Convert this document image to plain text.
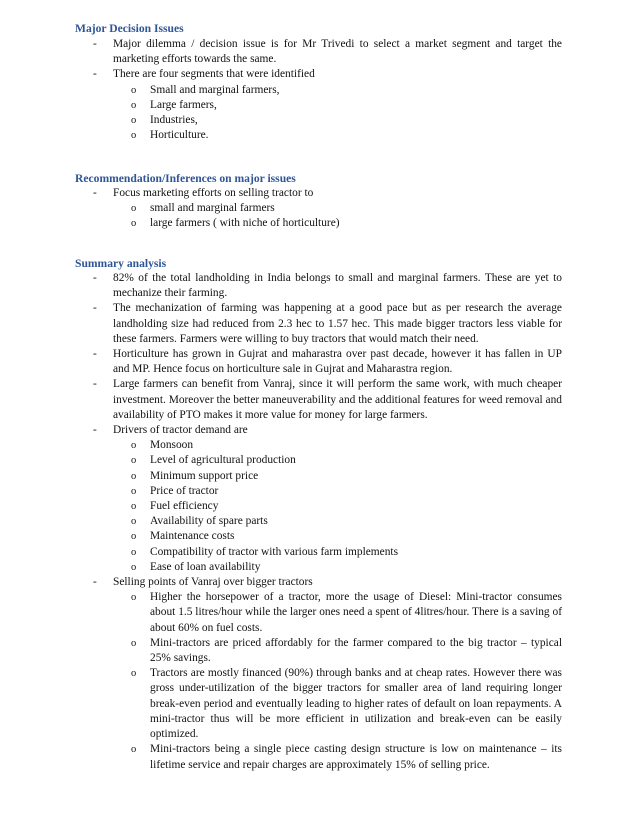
Major Decision Issues
- Major dilemma / decision issue is for Mr Trivedi to select a market segment and target the marketing efforts towards the same.
- There are four segments that were identified
o Small and marginal farmers,
o Large farmers,
o Industries,
o Horticulture.
Recommendation/Inferences on major issues
- Focus marketing efforts on selling tractor to
o small and marginal farmers
o large farmers ( with niche of horticulture)
Summary analysis
- 82% of the total landholding in India belongs to small and marginal farmers. These are yet to mechanize their farming.
- The mechanization of farming was happening at a good pace but as per research the average landholding size had reduced from 2.3 hec to 1.57 hec. This made bigger tractors less viable for these farmers. Farmers were willing to buy tractors that would match their need.
- Horticulture has grown in Gujrat and maharastra over past decade, however it has fallen in UP and MP. Hence focus on horticulture sale in Gujrat and Maharastra region.
- Large farmers can benefit from Vanraj, since it will perform the same work, with much cheaper investment. Moreover the better maneuverability and the additional features for weed removal and availability of PTO makes it more value for money for large farmers.
- Drivers of tractor demand are
o Monsoon
o Level of agricultural production
o Minimum support price
o Price of tractor
o Fuel efficiency
o Availability of spare parts
o Maintenance costs
o Compatibility of tractor with various farm implements
o Ease of loan availability
- Selling points of Vanraj over bigger tractors
o Higher the horsepower of a tractor, more the usage of Diesel: Mini-tractor consumes about 1.5 litres/hour while the larger ones need a spent of 4litres/hour. There is a saving of about 60% on fuel costs.
o Mini-tractors are priced affordably for the farmer compared to the big tractor – typical 25% savings.
o Tractors are mostly financed (90%) through banks and at cheap rates. However there was gross under-utilization of the bigger tractors for smaller area of land requiring longer break-even period and eventually leading to higher rates of default on loan repayments. A mini-tractor thus will be more efficient in utilization and break-even can be easily optimized.
o Mini-tractors being a single piece casting design structure is low on maintenance – its lifetime service and repair charges are approximately 15% of selling price.
